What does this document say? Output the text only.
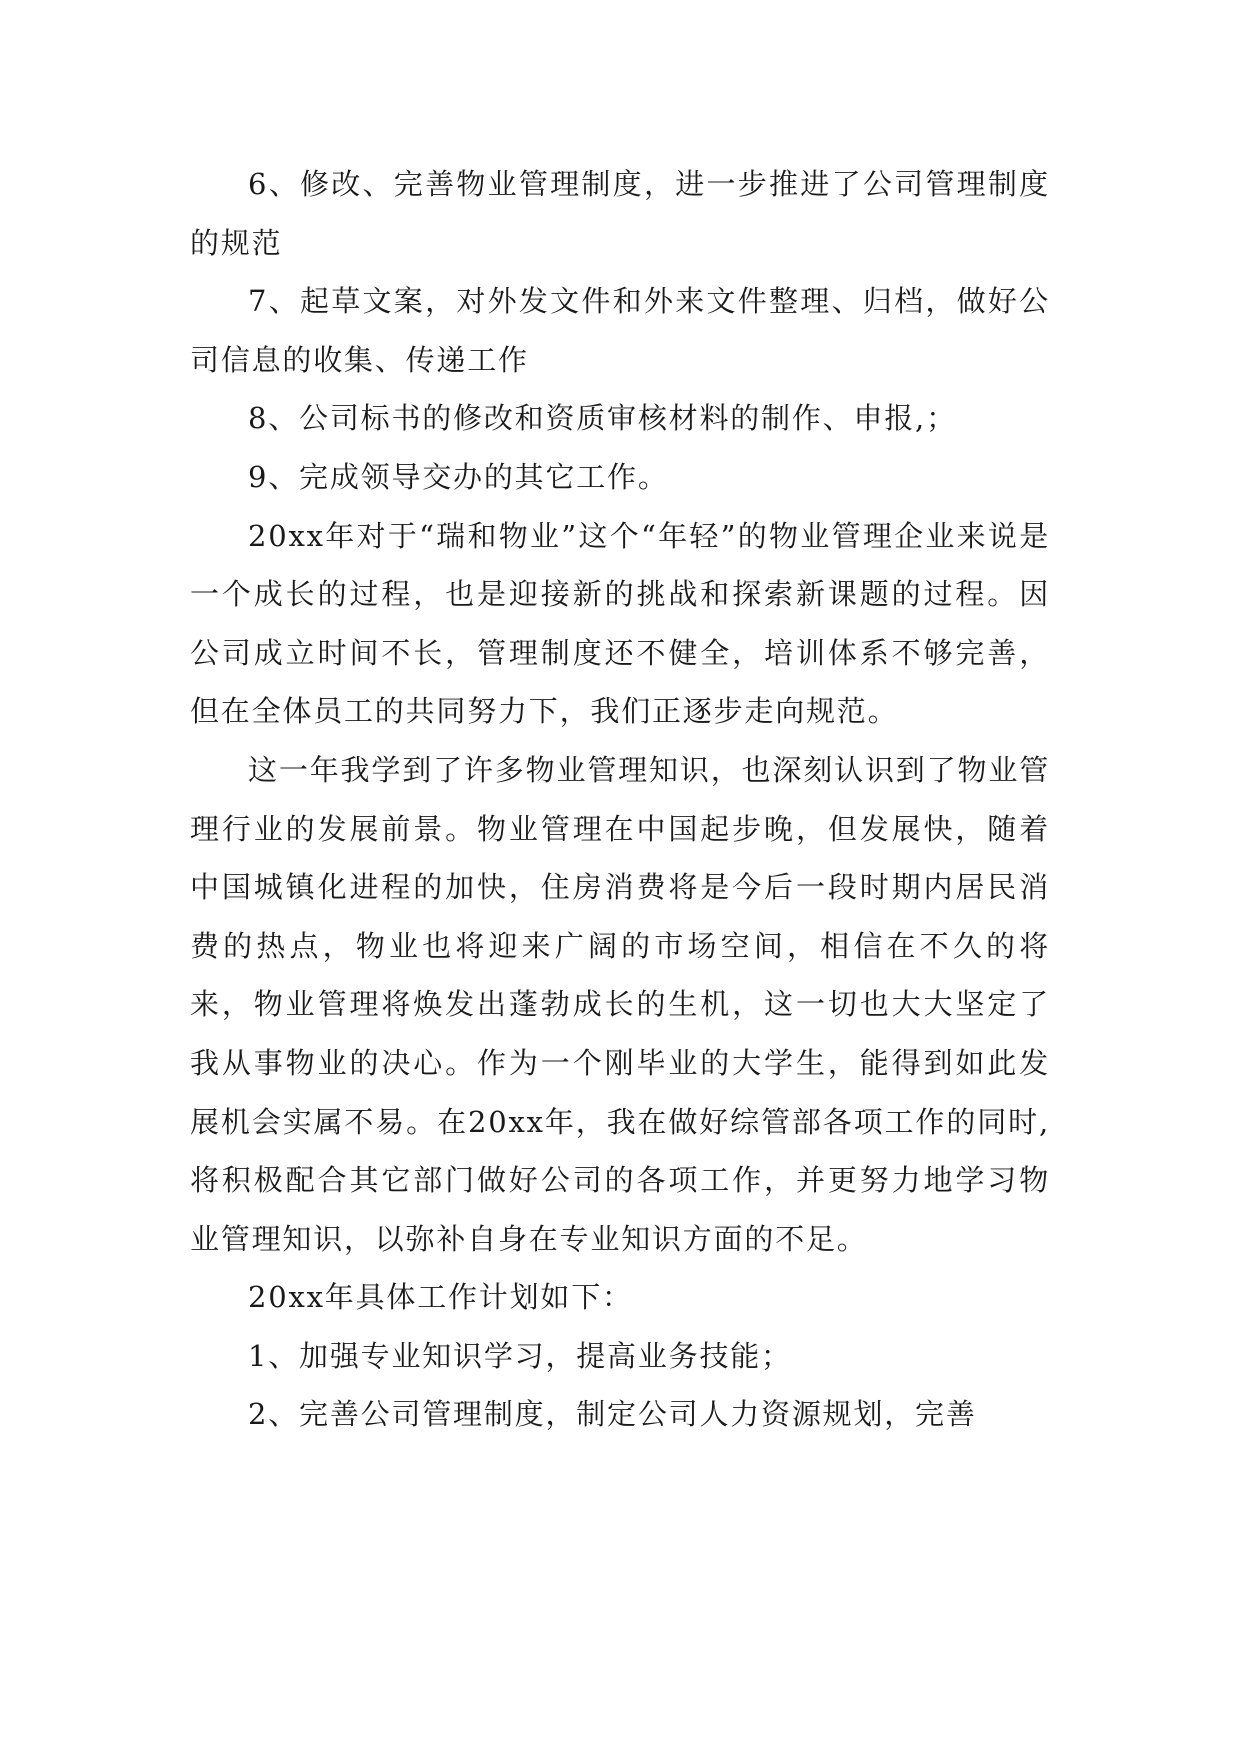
6、修改、完善物业管理制度，进一步推进了公司管理制度的规范

7、起草文案，对外发文件和外来文件整理、归档，做好公司信息的收集、传递工作

8、公司标书的修改和资质审核材料的制作、申报,；

9、完成领导交办的其它工作。

20xx年对于“瑞和物业”这个“年轻”的物业管理企业来说是一个成长的过程，也是迎接新的挑战和探索新课题的过程。因公司成立时间不长，管理制度还不健全，培训体系不够完善，但在全体员工的共同努力下，我们正逐步走向规范。

这一年我学到了许多物业管理知识，也深刻认识到了物业管理行业的发展前景。物业管理在中国起步晚，但发展快，随着中国城镇化进程的加快，住房消费将是今后一段时期内居民消费的热点，物业也将迎来广阔的市场空间，相信在不久的将来，物业管理将焕发出蓬勃成长的生机，这一切也大大坚定了我从事物业的决心。作为一个刚毕业的大学生，能得到如此发展机会实属不易。在20xx年，我在做好综管部各项工作的同时,将积极配合其它部门做好公司的各项工作，并更努力地学习物业管理知识，以弥补自身在专业知识方面的不足。

20xx年具体工作计划如下：

1、加强专业知识学习，提高业务技能；

2、完善公司管理制度，制定公司人力资源规划，完善
